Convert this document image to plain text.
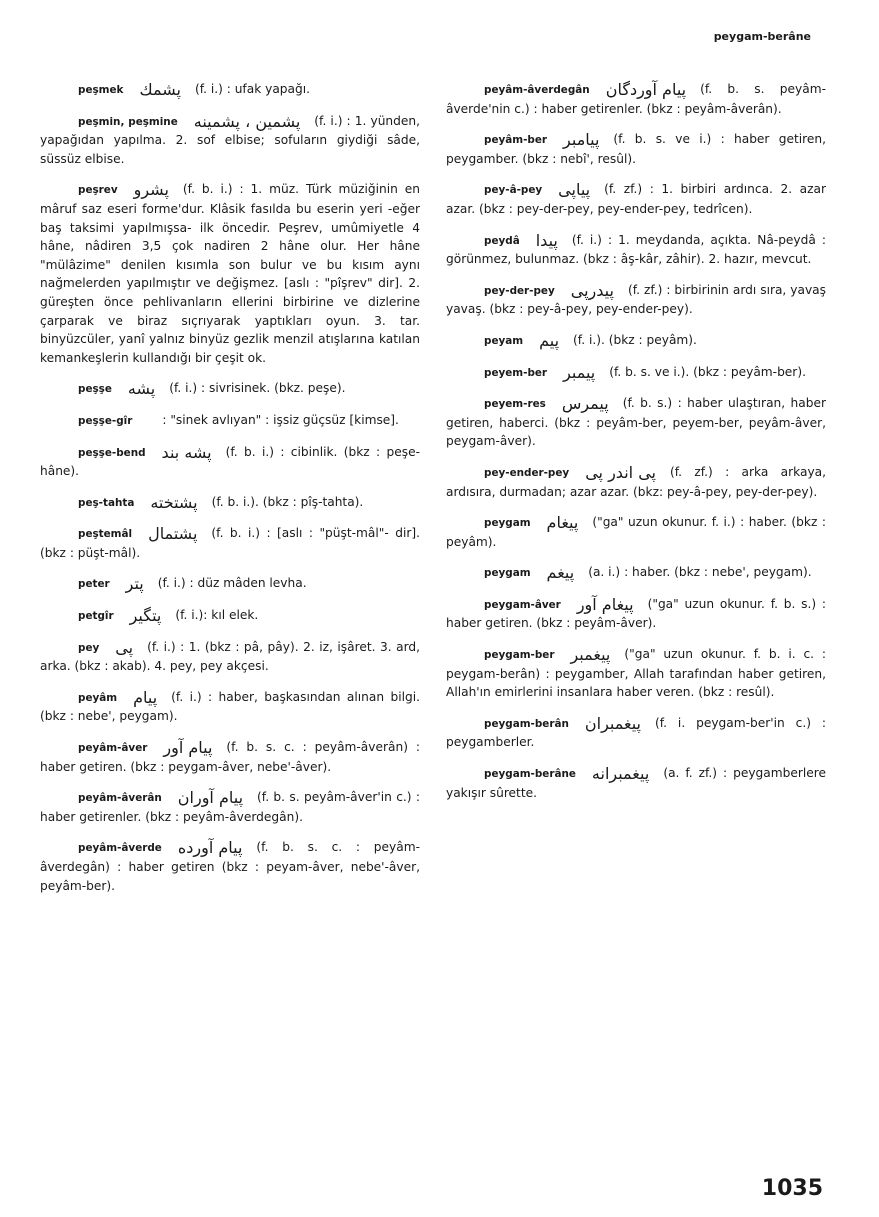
peygam-berâne
peşmek پشمك (f. i.) : ufak yapağı.
peşmin, peşmine پشمين ، پشمينه (f. i.) : 1. yünden, yapağıdan yapılma. 2. sof elbise; sofuların giydiği sâde, süssüz elbise.
peşrev پشرو (f. b. i.) : 1. müz. Türk müziğinin en mâruf saz eseri forme'dur. Klâsik fasılda bu eserin yeri -eğer baş taksimi yapılmışsa- ilk öncedir. Peşrev, umûmiyetle 4 hâne, nâdiren 3,5 çok nadiren 2 hâne olur. Her hâne "mülâzime" denilen kısımla son bulur ve bu kısım aynı nağmelerden yapılmıştır ve değişmez. [aslı : "pîşrev" dir]. 2. güreşten önce pehlivanların ellerini birbirine ve dizlerine çarparak ve biraz sıçrıyarak yaptıkları oyun. 3. tar. binyüzcüler, yanî yalnız binyüz gezlik menzil atışlarına katılan kemankeşlerin kullandığı bir çeşit ok.
peşşe پشه (f. i.) : sivrisinek. (bkz. peşe).
peşşe-gîr : "sinek avlıyan" : işsiz güçsüz [kimse].
peşşe-bend پشه بند (f. b. i.) : cibinlik. (bkz : peşe-hâne).
peş-tahta پشتخته (f. b. i.). (bkz : pîş-tahta).
peştemâl پشتمال (f. b. i.) : [aslı : "püşt-mâl"- dir]. (bkz : püşt-mâl).
peter پتر (f. i.) : düz mâden levha.
petgîr پتگیر (f. i.): kıl elek.
pey پى (f. i.) : 1. (bkz : pâ, pây). 2. iz, işâret. 3. ard, arka. (bkz : akab). 4. pey, pey akçesi.
peyâm پيام (f. i.) : haber, başkasından alınan bilgi. (bkz : nebe', peygam).
peyâm-âver پيام آور (f. b. s. c. : peyâm-âverân) : haber getiren. (bkz : peygam-âver, nebe'-âver).
peyâm-âverân پيام آوران (f. b. s. peyâm-âver'in c.) : haber getirenler. (bkz : peyâm-âverdegân).
peyâm-âverde پيام آورده (f. b. s. c. : peyâm-âverdegân) : haber getiren (bkz : peyam-âver, nebe'-âver, peyâm-ber).
peyâm-âverdegân پيام آوردگان (f. b. s. peyâm-âverde'nin c.) : haber getirenler. (bkz : peyâm-âverân).
peyâm-ber پيامبر (f. b. s. ve i.) : haber getiren, peygamber. (bkz : nebî', resûl).
pey-â-pey پياپى (f. zf.) : 1. birbiri ardınca. 2. azar azar. (bkz : pey-der-pey, pey-ender-pey, tedrîcen).
peydâ پيدا (f. i.) : 1. meydanda, açıkta. Nâ-peydâ : görünmez, bulunmaz. (bkz : âş-kâr, zâhir). 2. hazır, mevcut.
pey-der-pey پيدرپى (f. zf.) : birbirinin ardı sıra, yavaş yavaş. (bkz : pey-â-pey, pey-ender-pey).
peyam پيم (f. i.). (bkz : peyâm).
peyem-ber پيمبر (f. b. s. ve i.). (bkz : peyâm-ber).
peyem-res پيمرس (f. b. s.) : haber ulaştıran, haber getiren, haberci. (bkz : peyâm-ber, peyem-ber, peyâm-âver, peygam-âver).
pey-ender-pey پى اندر پى (f. zf.) : arka arkaya, ardısıra, durmadan; azar azar. (bkz: pey-â-pey, pey-der-pey).
peygam پيغام ("ga" uzun okunur. f. i.) : haber. (bkz : peyâm).
peygam پيغم (a. i.) : haber. (bkz : nebe', peygam).
peygam-âver پيغام آور ("ga" uzun okunur. f. b. s.) : haber getiren. (bkz : peyâm-âver).
peygam-ber پيغمبر ("ga" uzun okunur. f. b. i. c. : peygam-berân) : peygamber, Allah tarafından haber getiren, Allah'ın emirlerini insanlara haber veren. (bkz : resûl).
peygam-berân پيغمبران (f. i. peygam-ber'in c.) : peygamberler.
peygam-berâne پيغمبرانه (a. f. zf.) : peygamberlere yakışır sûrette.
1035
